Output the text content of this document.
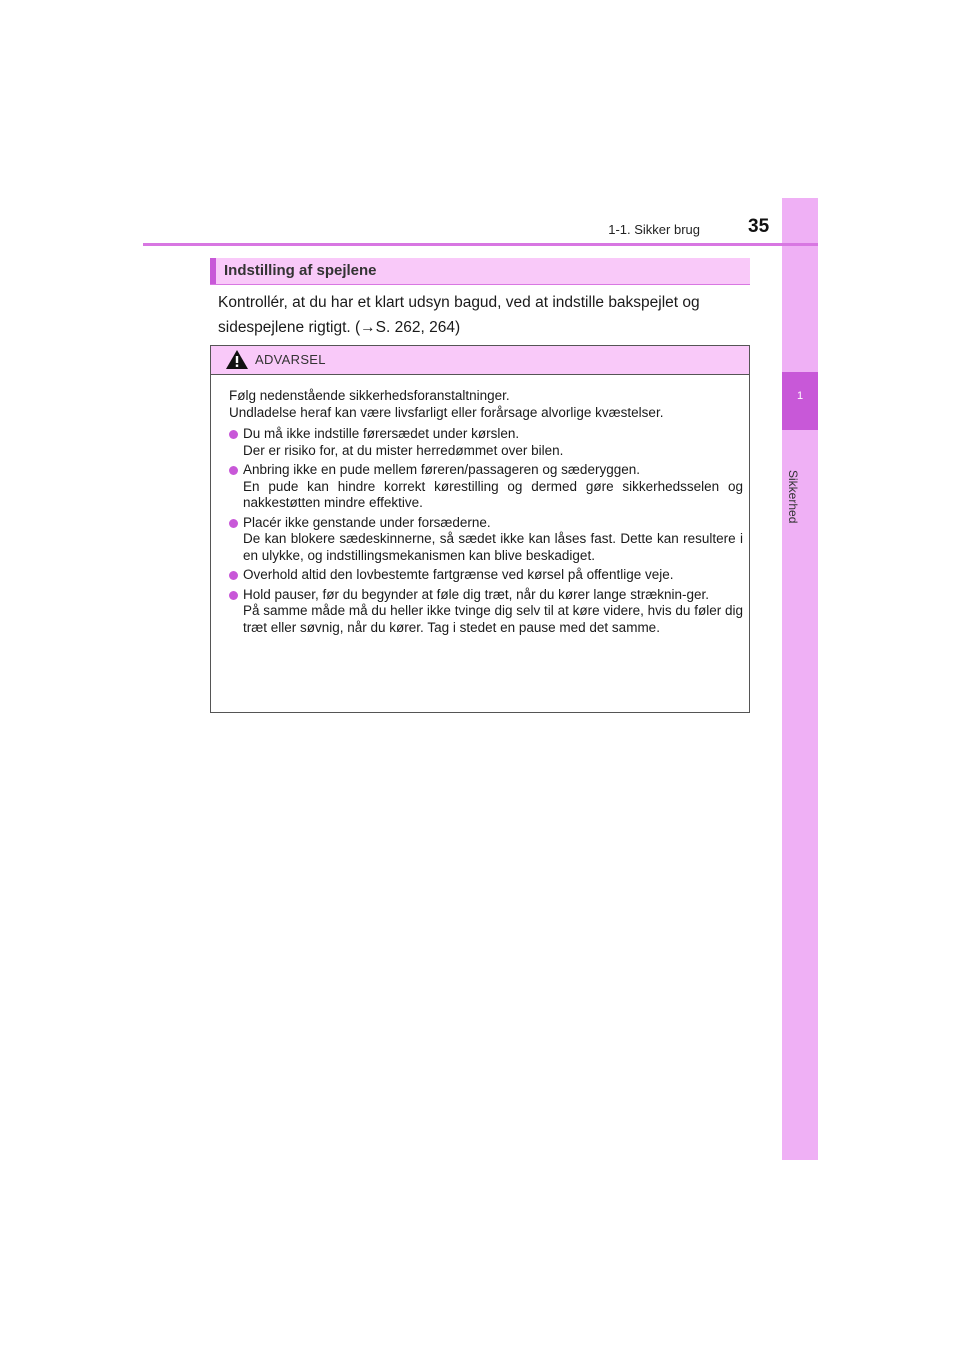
1
Sikkerhed
1-1. Sikker brug	35
Indstilling af spejlene
Kontrollér, at du har et klart udsyn bagud, ved at indstille bakspejlet og sidespejlene rigtigt. (→S. 262, 264)
ADVARSEL

Følg nedenstående sikkerhedsforanstaltninger.

Undladelse heraf kan være livsfarligt eller forårsage alvorlige kvæstelser.

Du må ikke indstille førersædet under kørslen.

Der er risiko for, at du mister herredømmet over bilen.

Anbring ikke en pude mellem føreren/passageren og sæderyggen.

En pude kan hindre korrekt kørestilling og dermed gøre sikkerhedsselen og nakkestøtten mindre effektive.

Placér ikke genstande under forsæderne.

De kan blokere sædeskinnerne, så sædet ikke kan låses fast. Dette kan resultere i en ulykke, og indstillingsmekanismen kan blive beskadiget.

Overhold altid den lovbestemte fartgrænse ved kørsel på offentlige veje.

Hold pauser, før du begynder at føle dig træt, når du kører lange stræknin-ger.

På samme måde må du heller ikke tvinge dig selv til at køre videre, hvis du føler dig træt eller søvnig, når du kører. Tag i stedet en pause med det samme.
